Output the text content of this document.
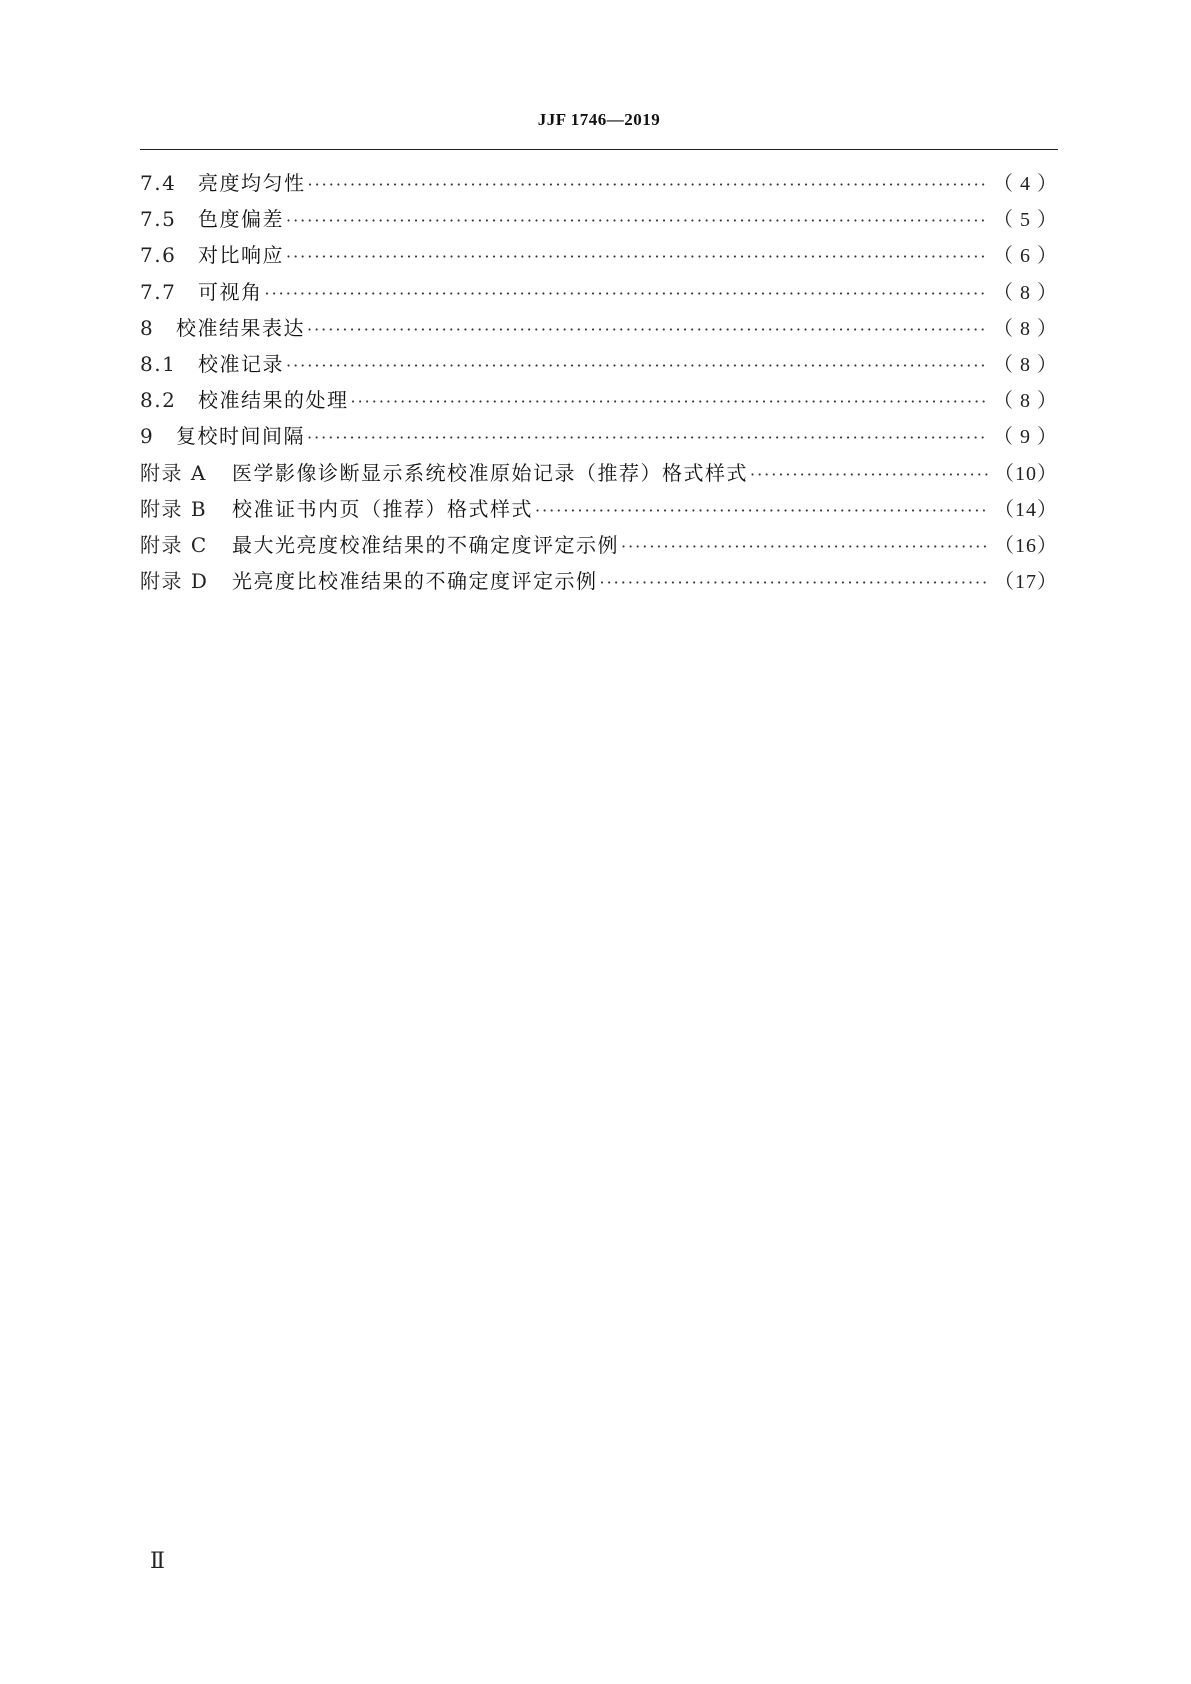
JJF 1746—2019
7.4	亮度均匀性 ·····	（ 4 ）
7.5	色度偏差 ·····	（ 5 ）
7.6	对比响应 ·····	（ 6 ）
7.7	可视角 ·····	（ 8 ）
8	校准结果表达 ·····	（ 8 ）
8.1	校准记录 ·····	（ 8 ）
8.2	校准结果的处理 ·····	（ 8 ）
9	复校时间间隔 ·····	（ 9 ）
附录 A	医学影像诊断显示系统校准原始记录（推荐）格式样式 ·····	（10）
附录 B	校准证书内页（推荐）格式样式 ·····	（14）
附录 C	最大光亮度校准结果的不确定度评定示例 ·····	（16）
附录 D	光亮度比校准结果的不确定度评定示例 ·····	（17）
Ⅱ
